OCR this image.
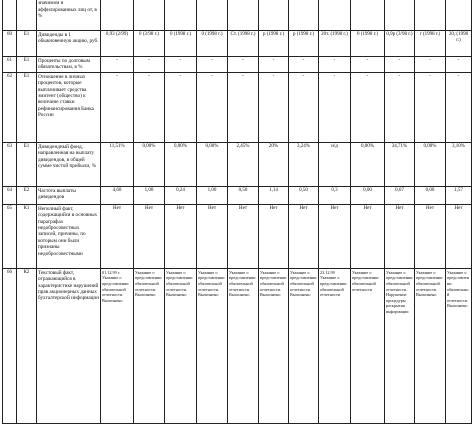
		значимом и аффилированных лиц от, в %														
60	Е1	Дивиденды в 1 обыкновенную акцию, руб.	0,93 (2/99)	0 (3/98 г.)	0 (1998 г.)	0 (1998 г.)	Ст. (1998 г.)	р (1998 г.)	р (1998 г.)	20т. (1998 г.)	0 (1998 г.)	0,9р (3/98 г.)	г (1998 г.)	20, (1998 г.)	
61	Е1	Проценты по долговым обязательствам, в %	-	-	-	-	-	-	-	-	-	-	-	-	
62	Е1	Отношение в личных процентов, которые выплачивает средства эмитент (общество) к величине ставки рефинансирования Банка России	-	-	-	-	-	-	-	-	-	-	-	-	
63	Е1	Дивидендный фонд, направленная на выплату дивидендов, в общей сумме чистой прибыли, %	11,51%	0,00%	0,00%	0,00%	2,45%	20%	3,24%	н/д	0,00%	34,71%	0,00%	3,10%	
64	Е2	Частота выплаты дивидендов	4,60	1,00	0,24	1,00	0,50	1,14	0,50	0,3	0,00	0,67	0,00	1,57	
65	К1	Неполный факт, содержащийся в основных параграфах недобросовестных записей, причины, по которым они были признаны недобросовестными	Нет	Нет	Нет	Нет	Нет	Нет	Нет	Нет	Нет	Нет	Нет	Нет	
66	К2	Текстовый факт, отражающийся в характеристике нарушений прав акционерных данных бухгалтерской информации	01.12.99 г. Указание о представлении обязательной отчетности. Выполнено	Указание о представлении обязательной отчетности. Выполнено	Указание о представлении обязательной отчетности. Выполнено	Указание о представлении обязательной отчетности. Выполнено	Указание о представлении обязательной отчетности. Выполнено	Указание о представлении обязательной отчетности. Выполнено	Указание о представлении обязательной отчетности. Выполнено	23.12.99 Указание о представлении обязательной отчетности	Указание о представлении обязательной отчетности	Указание о представлении обязательной отчетности. Нарушение процедуры раскрытия информации	Указание о представлении обязательной отчетности. Выполнено	Указание о представлении обязательной отчетности. Выполнено	
